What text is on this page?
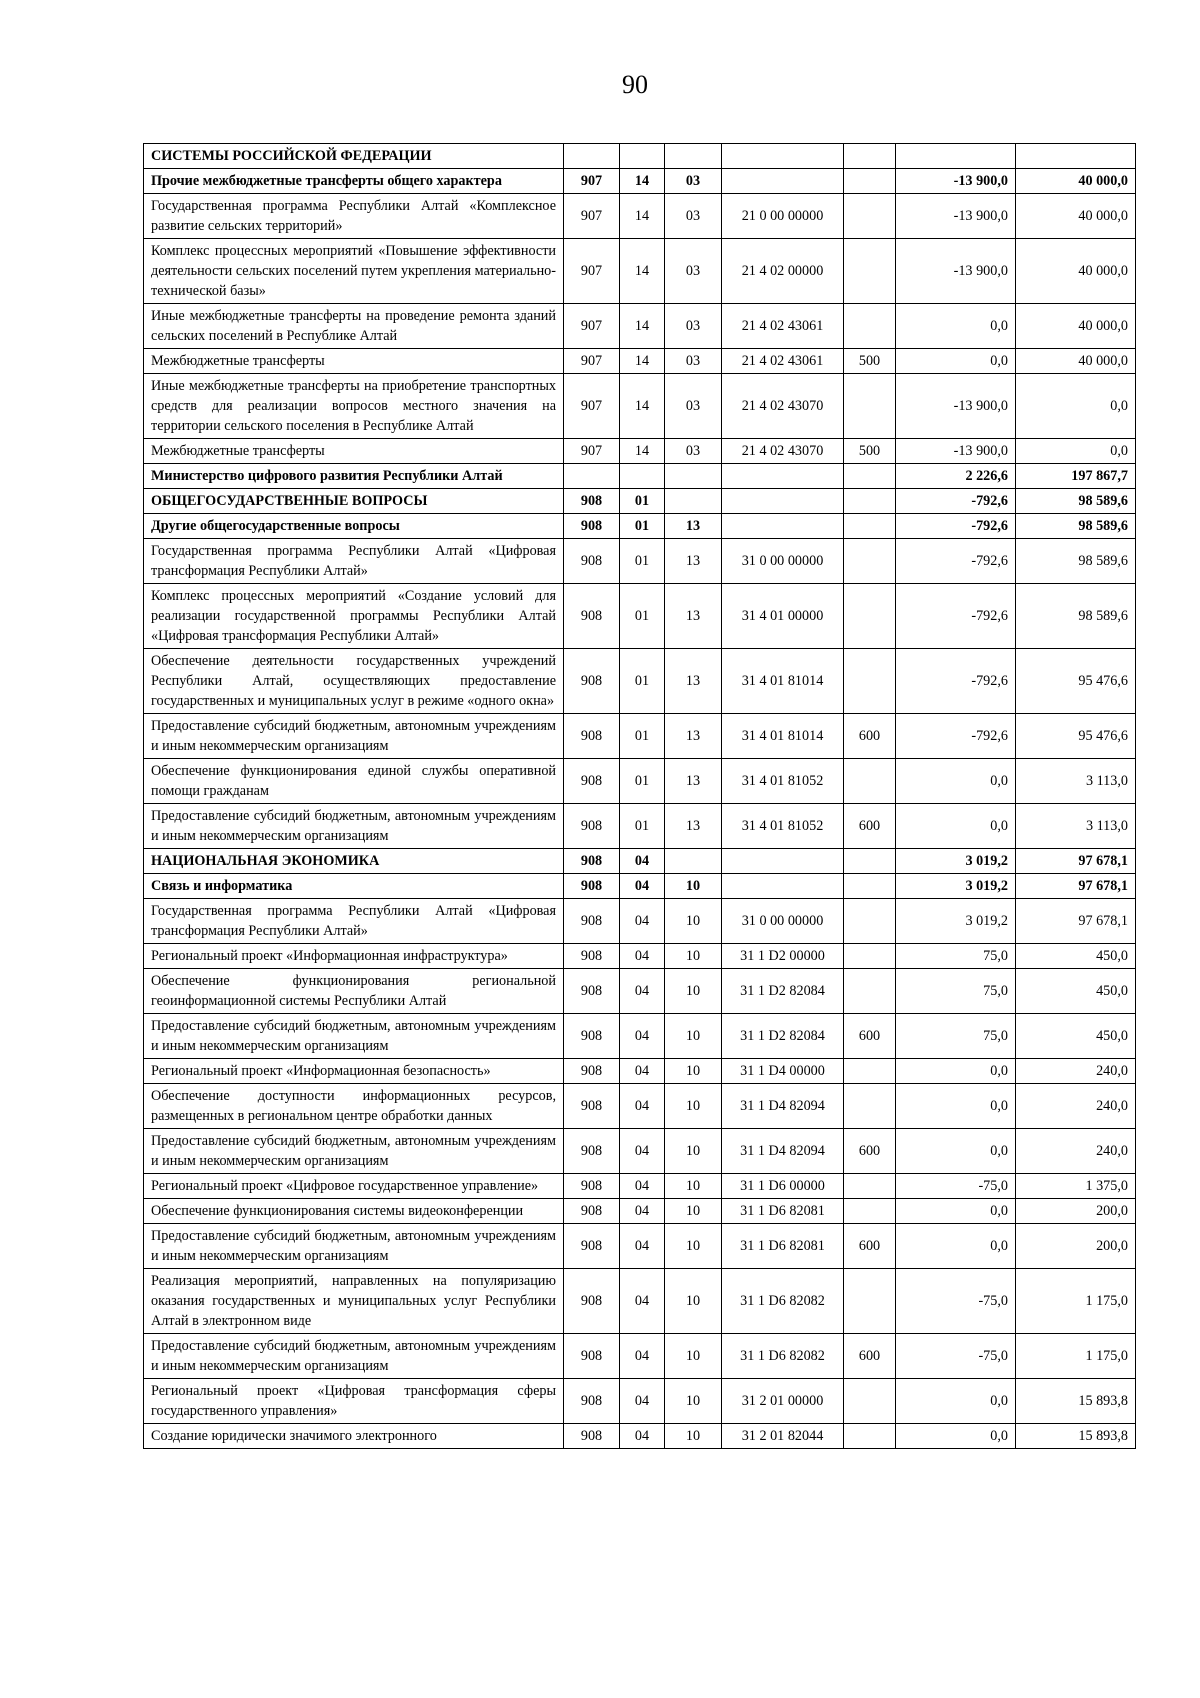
90
СИСТЕМЫ РОССИЙСКОЙ ФЕДЕРАЦИИ							
Прочие межбюджетные трансферты общего характера	907	14	03			-13 900,0	40 000,0
Государственная программа Республики Алтай «Комплексное развитие сельских территорий»	907	14	03	21 0 00 00000		-13 900,0	40 000,0
Комплекс процессных мероприятий «Повышение эффективности деятельности сельских поселений путем укрепления материально-технической базы»	907	14	03	21 4 02 00000		-13 900,0	40 000,0
Иные межбюджетные трансферты на проведение ремонта зданий сельских поселений в Республике Алтай	907	14	03	21 4 02 43061		0,0	40 000,0
Межбюджетные трансферты	907	14	03	21 4 02 43061	500	0,0	40 000,0
Иные межбюджетные трансферты на приобретение транспортных средств для реализации вопросов местного значения на территории сельского поселения в Республике Алтай	907	14	03	21 4 02 43070		-13 900,0	0,0
Межбюджетные трансферты	907	14	03	21 4 02 43070	500	-13 900,0	0,0
Министерство цифрового развития Республики Алтай						2 226,6	197 867,7
ОБЩЕГОСУДАРСТВЕННЫЕ ВОПРОСЫ	908	01				-792,6	98 589,6
Другие общегосударственные вопросы	908	01	13			-792,6	98 589,6
Государственная программа Республики Алтай «Цифровая трансформация Республики Алтай»	908	01	13	31 0 00 00000		-792,6	98 589,6
Комплекс процессных мероприятий «Создание условий для реализации государственной программы Республики Алтай «Цифровая трансформация Республики Алтай»	908	01	13	31 4 01 00000		-792,6	98 589,6
Обеспечение деятельности государственных учреждений Республики Алтай, осуществляющих предоставление государственных и муниципальных услуг в режиме «одного окна»	908	01	13	31 4 01 81014		-792,6	95 476,6
Предоставление субсидий бюджетным, автономным учреждениям и иным некоммерческим организациям	908	01	13	31 4 01 81014	600	-792,6	95 476,6
Обеспечение функционирования единой службы оперативной помощи гражданам	908	01	13	31 4 01 81052		0,0	3 113,0
Предоставление субсидий бюджетным, автономным учреждениям и иным некоммерческим организациям	908	01	13	31 4 01 81052	600	0,0	3 113,0
НАЦИОНАЛЬНАЯ ЭКОНОМИКА	908	04				3 019,2	97 678,1
Связь и информатика	908	04	10			3 019,2	97 678,1
Государственная программа Республики Алтай «Цифровая трансформация Республики Алтай»	908	04	10	31 0 00 00000		3 019,2	97 678,1
Региональный проект «Информационная инфраструктура»	908	04	10	31 1 D2 00000		75,0	450,0
Обеспечение функционирования региональной геоинформационной системы Республики Алтай	908	04	10	31 1 D2 82084		75,0	450,0
Предоставление субсидий бюджетным, автономным учреждениям и иным некоммерческим организациям	908	04	10	31 1 D2 82084	600	75,0	450,0
Региональный проект «Информационная безопасность»	908	04	10	31 1 D4 00000		0,0	240,0
Обеспечение доступности информационных ресурсов, размещенных в региональном центре обработки данных	908	04	10	31 1 D4 82094		0,0	240,0
Предоставление субсидий бюджетным, автономным учреждениям и иным некоммерческим организациям	908	04	10	31 1 D4 82094	600	0,0	240,0
Региональный проект «Цифровое государственное управление»	908	04	10	31 1 D6 00000		-75,0	1 375,0
Обеспечение функционирования системы видеоконференции	908	04	10	31 1 D6 82081		0,0	200,0
Предоставление субсидий бюджетным, автономным учреждениям и иным некоммерческим организациям	908	04	10	31 1 D6 82081	600	0,0	200,0
Реализация мероприятий, направленных на популяризацию оказания государственных и муниципальных услуг Республики Алтай в электронном виде	908	04	10	31 1 D6 82082		-75,0	1 175,0
Предоставление субсидий бюджетным, автономным учреждениям и иным некоммерческим организациям	908	04	10	31 1 D6 82082	600	-75,0	1 175,0
Региональный проект «Цифровая трансформация сферы государственного управления»	908	04	10	31 2 01 00000		0,0	15 893,8
Создание юридически значимого электронного	908	04	10	31 2 01 82044		0,0	15 893,8
